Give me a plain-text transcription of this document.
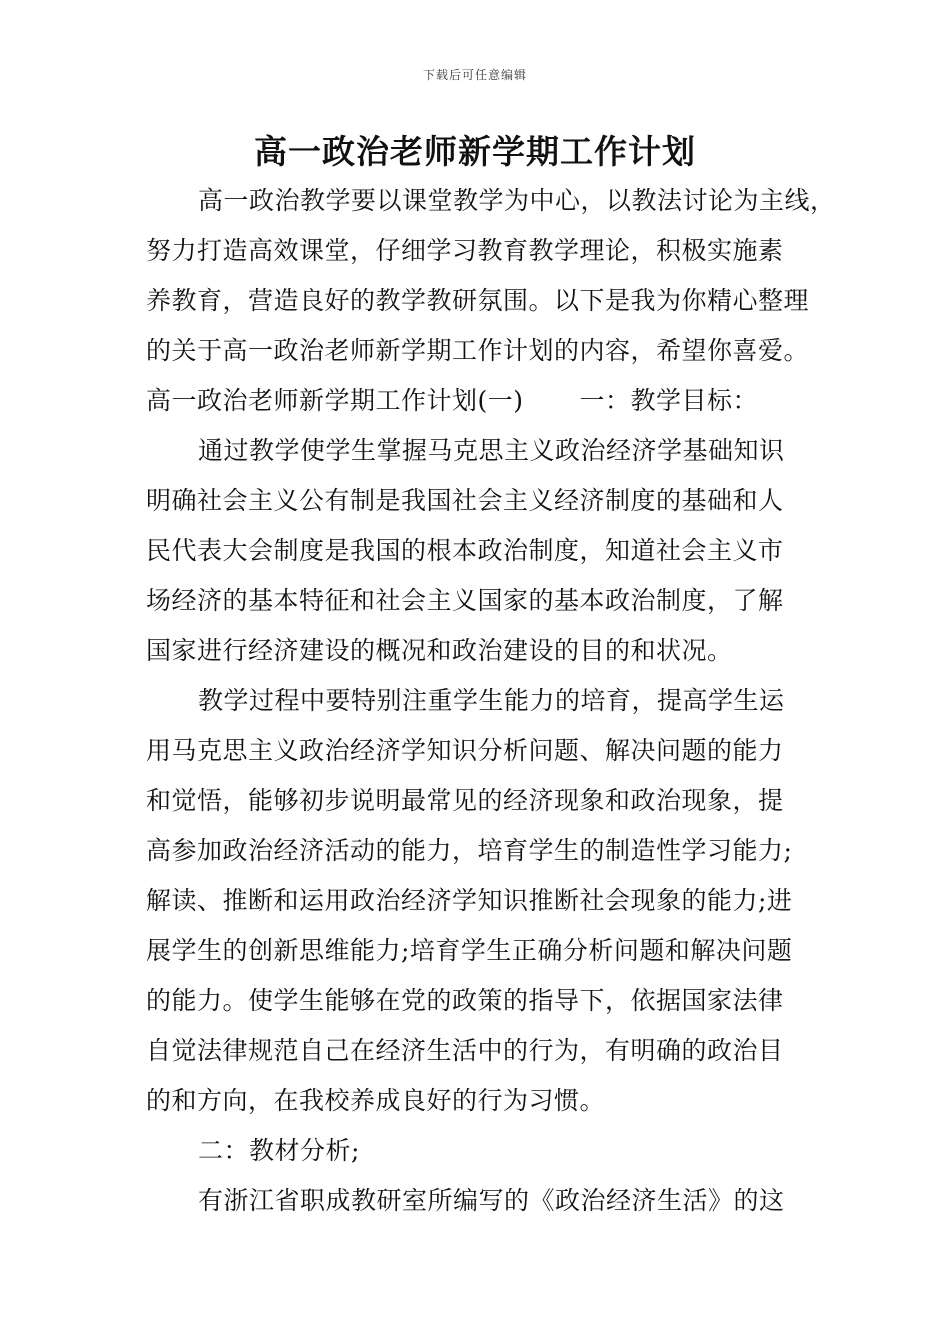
下载后可任意编辑
高一政治老师新学期工作计划
高一政治教学要以课堂教学为中心，以教法讨论为主线，
努力打造高效课堂，仔细学习教育教学理论，积极实施素
养教育，营造良好的教学教研氛围。以下是我为你精心整理
的关于高一政治老师新学期工作计划的内容，希望你喜爱。
高一政治老师新学期工作计划(一) 一：教学目标：
通过教学使学生掌握马克思主义政治经济学基础知识
明确社会主义公有制是我国社会主义经济制度的基础和人
民代表大会制度是我国的根本政治制度，知道社会主义市
场经济的基本特征和社会主义国家的基本政治制度，了解
国家进行经济建设的概况和政治建设的目的和状况。
教学过程中要特别注重学生能力的培育，提高学生运
用马克思主义政治经济学知识分析问题、解决问题的能力
和觉悟，能够初步说明最常见的经济现象和政治现象，提
高参加政治经济活动的能力，培育学生的制造性学习能力;
解读、推断和运用政治经济学知识推断社会现象的能力;进
展学生的创新思维能力;培育学生正确分析问题和解决问题
的能力。使学生能够在党的政策的指导下，依据国家法律
自觉法律规范自己在经济生活中的行为，有明确的政治目
的和方向，在我校养成良好的行为习惯。
二：教材分析;
有浙江省职成教研室所编写的《政治经济生活》的这
